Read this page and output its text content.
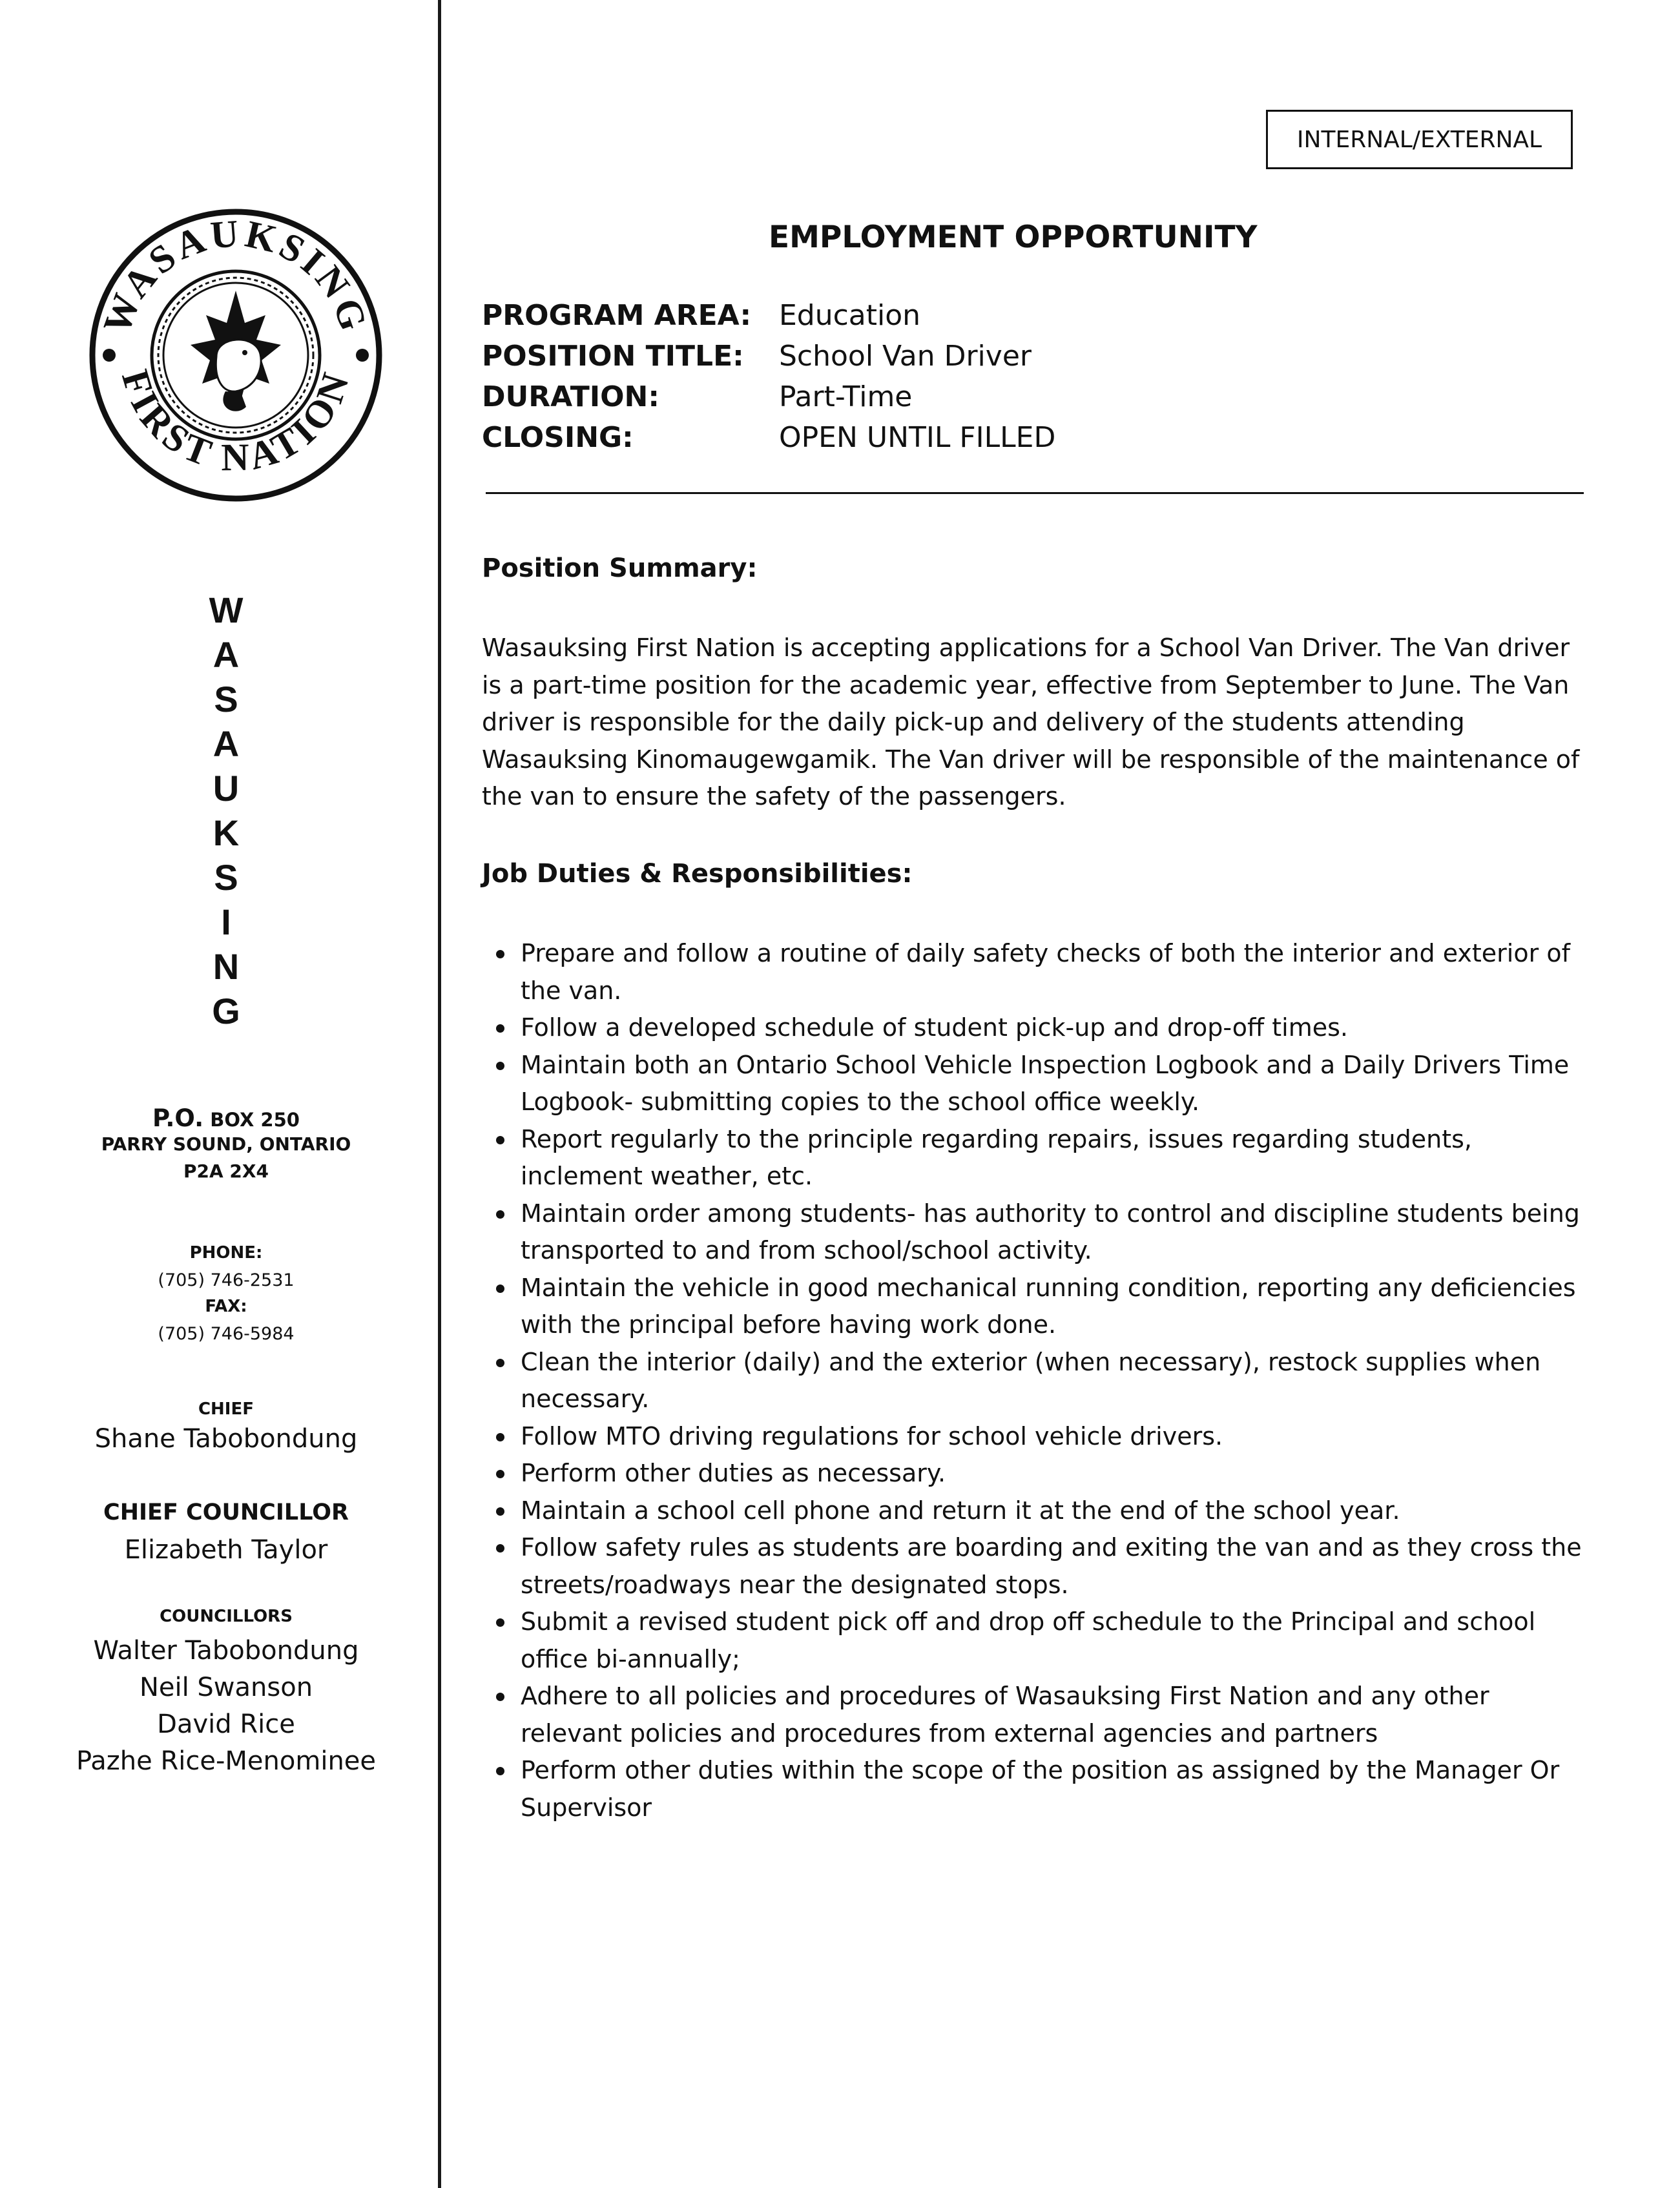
WASAUKSING
FIRST NATION
W
A
S
A
U
K
S
I
N
G
P.O. BOX 250
PARRY SOUND, ONTARIO
P2A 2X4
PHONE:
(705) 746-2531
FAX:
(705) 746-5984
CHIEF
Shane Tabobondung
CHIEF COUNCILLOR
Elizabeth Taylor
COUNCILLORS
Walter Tabobondung
Neil Swanson
David Rice
Pazhe Rice-Menominee
INTERNAL/EXTERNAL
EMPLOYMENT OPPORTUNITY
PROGRAM AREA: Education
POSITION TITLE: School Van Driver
DURATION:	Part-Time
CLOSING:	OPEN UNTIL FILLED
Position Summary:
Wasauksing First Nation is accepting applications for a School Van Driver. The Van driver is a part-time position for the academic year, effective from September to June. The Van driver is responsible for the daily pick-up and delivery of the students attending Wasauksing Kinomaugewgamik. The Van driver will be responsible of the maintenance of the van to ensure the safety of the passengers.
Job Duties & Responsibilities:
Prepare and follow a routine of daily safety checks of both the interior and exterior of the van.
Follow a developed schedule of student pick-up and drop-off times.
Maintain both an Ontario School Vehicle Inspection Logbook and a Daily Drivers Time Logbook- submitting copies to the school office weekly.
Report regularly to the principle regarding repairs, issues regarding students, inclement weather, etc.
Maintain order among students- has authority to control and discipline students being transported to and from school/school activity.
Maintain the vehicle in good mechanical running condition, reporting any deficiencies with the principal before having work done.
Clean the interior (daily) and the exterior (when necessary), restock supplies when necessary.
Follow MTO driving regulations for school vehicle drivers.
Perform other duties as necessary.
Maintain a school cell phone and return it at the end of the school year.
Follow safety rules as students are boarding and exiting the van and as they cross the streets/roadways near the designated stops.
Submit a revised student pick off and drop off schedule to the Principal and school office bi-annually;
Adhere to all policies and procedures of Wasauksing First Nation and any other relevant policies and procedures from external agencies and partners
Perform other duties within the scope of the position as assigned by the Manager Or Supervisor
